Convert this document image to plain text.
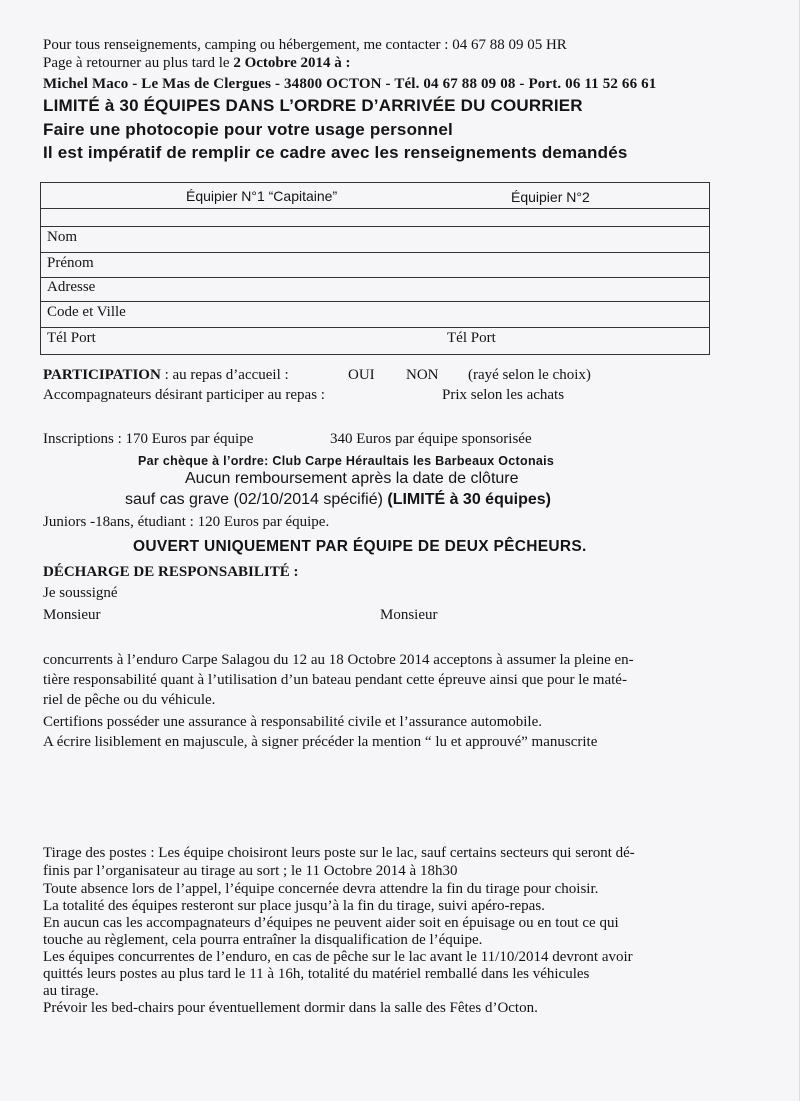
Pour tous renseignements, camping ou hébergement, me contacter : 04 67 88 09 05 HR
Page à retourner au plus tard le 2 Octobre 2014 à :
Michel Maco - Le Mas de Clergues - 34800 OCTON - Tél. 04 67 88 09 08 - Port. 06 11 52 66 61
LIMITÉ à 30 ÉQUIPES DANS L’ORDRE D’ARRIVÉE DU COURRIER
Faire une photocopie pour votre usage personnel
Il est impératif de remplir ce cadre avec les renseignements demandés
Équipier N°1 “Capitaine”	Équipier N°2
Nom
Prénom
Adresse
Code et Ville
Tél Port	Tél Port
PARTICIPATION : au repas d’accueil :	OUI NON (rayé selon le choix)
Accompagnateurs désirant participer au repas :	Prix selon les achats
Inscriptions : 170 Euros par équipe	340 Euros par équipe sponsorisée
Par chèque à l’ordre: Club Carpe Héraultais les Barbeaux Octonais
Aucun remboursement après la date de clôture
sauf cas grave (02/10/2014 spécifié) (LIMITÉ à 30 équipes)
Juniors -18ans, étudiant : 120 Euros par équipe.
OUVERT UNIQUEMENT PAR ÉQUIPE DE DEUX PÊCHEURS.
DÉCHARGE DE RESPONSABILITÉ :
Je soussigné
Monsieur	Monsieur
concurrents à l’enduro Carpe Salagou du 12 au 18 Octobre 2014 acceptons à assumer la pleine en-
tière responsabilité quant à l’utilisation d’un bateau pendant cette épreuve ainsi que pour le maté-
riel de pêche ou du véhicule.
Certifions posséder une assurance à responsabilité civile et l’assurance automobile.
A écrire lisiblement en majuscule, à signer précéder la mention “ lu et approuvé” manuscrite
Tirage des postes : Les équipe choisiront leurs poste sur le lac, sauf certains secteurs qui seront dé-
finis par l’organisateur au tirage au sort ; le 11 Octobre 2014 à 18h30
Toute absence lors de l’appel, l’équipe concernée devra attendre la fin du tirage pour choisir.
La totalité des équipes resteront sur place jusqu’à la fin du tirage, suivi apéro-repas.
En aucun cas les accompagnateurs d’équipes ne peuvent aider soit en épuisage ou en tout ce qui
touche au règlement, cela pourra entraîner la disqualification de l’équipe.
Les équipes concurrentes de l’enduro, en cas de pêche sur le lac avant le 11/10/2014 devront avoir
quittés leurs postes au plus tard le 11 à 16h, totalité du matériel remballé dans les véhicules
au tirage.
Prévoir les bed-chairs pour éventuellement dormir dans la salle des Fêtes d’Octon.
